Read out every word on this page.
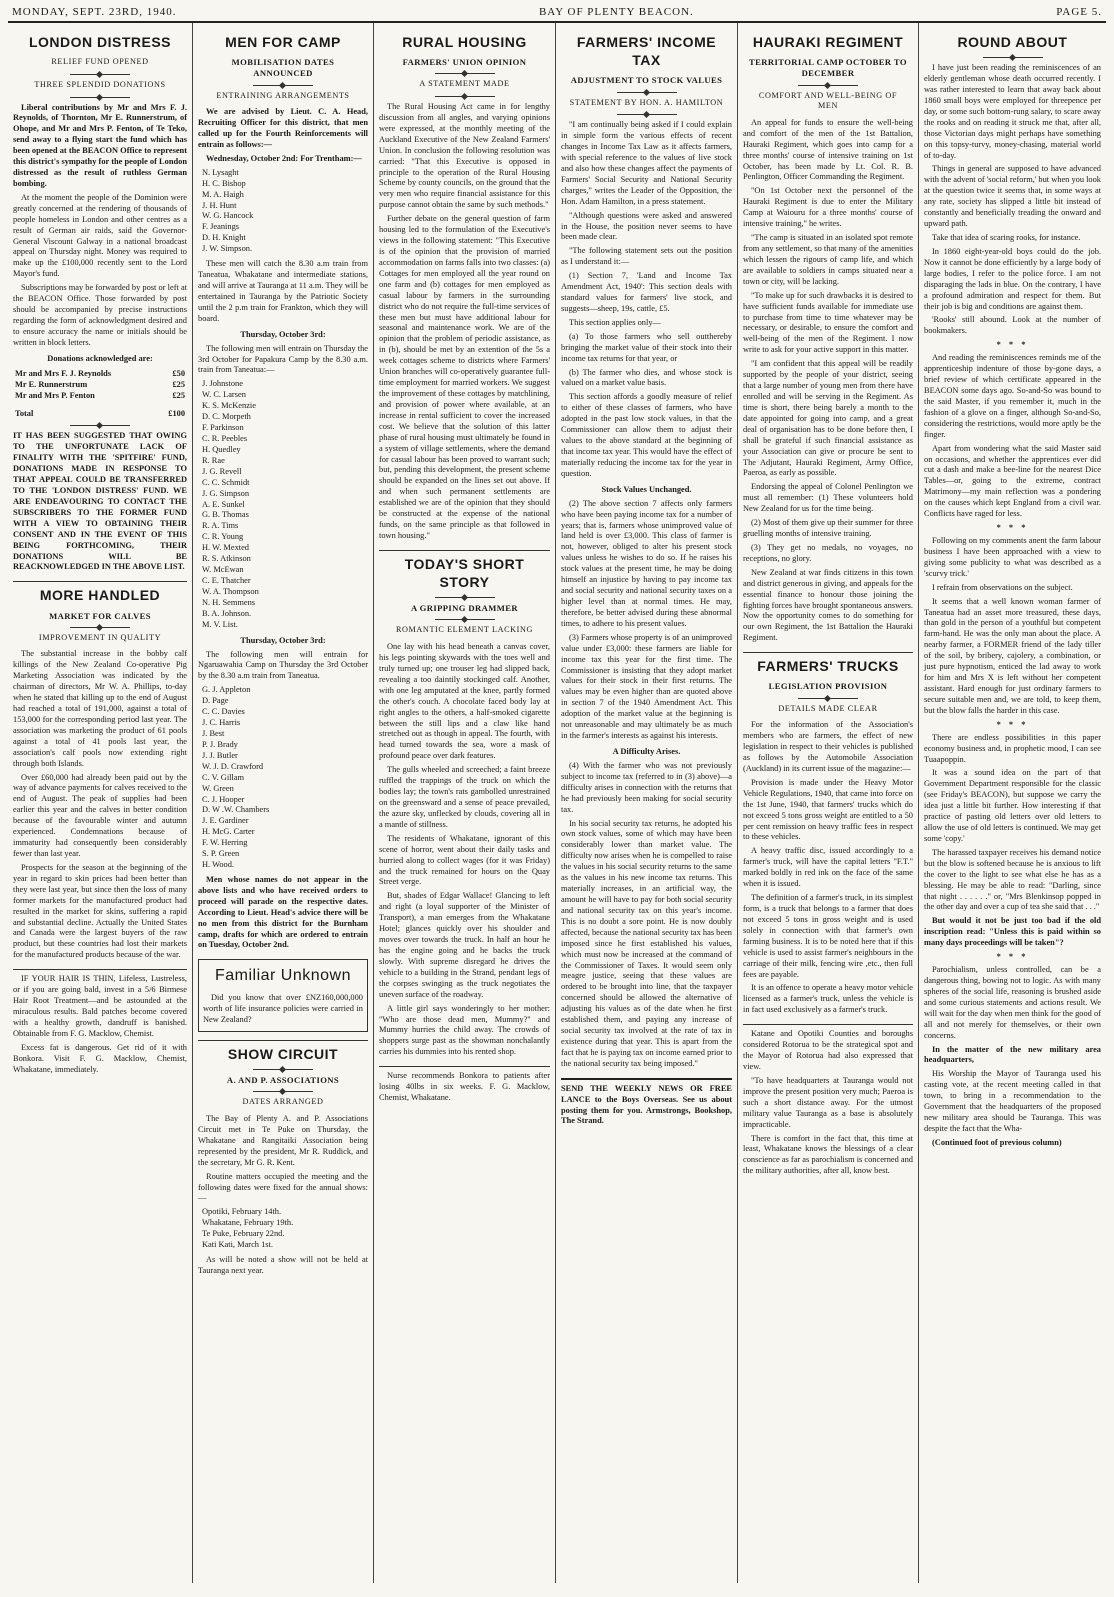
MONDAY, SEPT. 23RD, 1940.	BAY OF PLENTY BEACON.	PAGE 5.
LONDON DISTRESS
RELIEF FUND OPENED
THREE SPLENDID DONATIONS

Liberal contributions by Mr and Mrs F. J. Reynolds, of Thornton, Mr E. Runnerstrum, of Ohope, and Mr and Mrs P. Fenton, of Te Teko, send away to a flying start the fund which has been opened at the BEACON Office to represent this district's sympathy for the people of London distressed as the result of ruthless German bombing.

At the moment the people of the Dominion were greatly concerned at the rendering of thousands of people homeless in London and other centres as a result of German air raids, said the Governor-General Viscount Galway in a national broadcast appeal on Thursday night. Money was required to make up the £100,000 recently sent to the Lord Mayor's fund.

Subscriptions may be forwarded by post or left at the BEACON Office. Those forwarded by post should be accompanied by precise instructions regarding the form of acknowledgment desired and to ensure accuracy the name or initials should be written in block letters.

Donations acknowledged are:
Mr and Mrs F. J. Reynolds	£50
Mr E. Runnerstrum	£25
Mr and Mrs P. Fenton	£25
Total	£100

IT HAS BEEN SUGGESTED THAT OWING TO THE UNFORTUNATE LACK OF FINALITY WITH THE 'SPITFIRE' FUND, DONATIONS MADE IN RESPONSE TO THAT APPEAL COULD BE TRANSFERRED TO THE 'LONDON DISTRESS' FUND. WE ARE ENDEAVOURING TO CONTACT THE SUBSCRIBERS TO THE FORMER FUND WITH A VIEW TO OBTAINING THEIR CONSENT AND IN THE EVENT OF THIS BEING FORTHCOMING, THEIR DONATIONS WILL BE REACKNOWLEDGED IN THE ABOVE LIST.

MORE HANDLED
MARKET FOR CALVES
IMPROVEMENT IN QUALITY

The substantial increase in the bobby calf killings of the New Zealand Co-operative Pig Marketing Association was indicated by the chairman of directors, Mr W. A. Phillips, to-day when he stated that killing up to the end of August had reached a total of 191,000, against a total of 153,000 for the corresponding period last year. The association was marketing the product of 61 pools against a total of 41 pools last year, the association's calf pools now extending right through both Islands.

Over £60,000 had already been paid out by the way of advance payments for calves received to the end of August. The peak of supplies had been earlier this year and the calves in better condition because of the favourable winter and autumn experienced. Condemnations because of immaturity had consequently been considerably fewer than last year.

Prospects for the season at the beginning of the year in regard to skin prices had been better than they were last year, but since then the loss of many former markets for the manufactured product had resulted in the market for skins, suffering a rapid and substantial decline. Actually the United States and Canada were the largest buyers of the raw product, but these countries had lost their markets for the manufactured products because of the war.

IF YOUR HAIR IS THIN, Lifeless, Lustreless, or if you are going bald, invest in a 5/6 Birmese Hair Root Treatment—and be astounded at the miraculous results. Bald patches become covered with a healthy growth, dandruff is banished. Obtainable from F. G. Macklow, Chemist.

Excess fat is dangerous. Get rid of it with Bonkora. Visit F. G. Macklow, Chemist, Whakatane, immediately.

MEN FOR CAMP
MOBILISATION DATES ANNOUNCED
ENTRAINING ARRANGEMENTS

We are advised by Lieut. C. A. Head, Recruiting Officer for this district, that men called up for the Fourth Reinforcements will entrain as follows:—

Wednesday, October 2nd: For Trentham:—

N. Lysaght
H. C. Bishop
M. A. Haigh
J. H. Hunt
W. G. Hancock
F. Jeanings
D. H. Knight
J. W. Simpson.

These men will catch the 8.30 a.m train from Taneatua, Whakatane and intermediate stations, and will arrive at Tauranga at 11 a.m. They will be entertained in Tauranga by the Patriotic Society until the 2 p.m train for Frankton, which they will board.

Thursday, October 3rd:

The following men will entrain on Thursday the 3rd October for Papakura Camp by the 8.30 a.m. train from Taneatua:—

J. Johnstone
W. C. Larsen
K. S. McKenzie
D. C. Morpeth
F. Parkinson
C. R. Peebles
H. Quedley
R. Rae
J. G. Revell
C. C. Schmidt
J. G. Simpson
A. E. Sunkel
G. B. Thomas
R. A. Tims
C. R. Young
H. W. Mexted
R. S. Atkinson
W. McEwan
C. E. Thatcher
W. A. Thompson
N. H. Semmens
B. A. Johnson.
M. V. List.
Thursday, October 3rd:

The following men will entrain for Ngaruawahia Camp on Thursday the 3rd October by the 8.30 a.m train from Taneatua.

G. J. Appleton
D. Page
C. C. Davies
J. C. Harris
J. Best
P. J. Brady
J. J. Butler
W. J. D. Crawford
C. V. Gillam
W. Green
C. J. Hooper
D. W .W. Chambers
J. E. Gardiner
H. McG. Carter
F. W. Herring
S. P. Green
H. Wood.

Men whose names do not appear in the above lists and who have received orders to proceed will parade on the respective dates. According to Lieut. Head's advice there will be no men from this district for the Burnham camp, drafts for which are ordered to entrain on Tuesday, October 2nd.

Familiar Unknown

Did you know that over £NZ160,000,000 worth of life insurance policies were carried in New Zealand?

SHOW CIRCUIT
A. AND P. ASSOCIATIONS
DATES ARRANGED

The Bay of Plenty A. and P. Associations Circuit met in Te Puke on Thursday, the Whakatane and Rangitaiki Association being represented by the president, Mr R. Ruddick, and the secretary, Mr G. R. Kent.

Routine matters occupied the meeting and the following dates were fixed for the annual shows:—

Opotiki, February 14th.
Whakatane, February 19th.
Te Puke, February 22nd.
Kati Kati, March 1st.

As will be noted a show will not be held at Tauranga next year.

RURAL HOUSING
FARMERS' UNION OPINION
A STATEMENT MADE

The Rural Housing Act came in for lengthy discussion from all angles, and varying opinions were expressed, at the monthly meeting of the Auckland Executive of the New Zealand Farmers' Union. In conclusion the following resolution was carried: "That this Executive is opposed in principle to the operation of the Rural Housing Scheme by county councils, on the ground that the very men who require financial assistance for this purpose cannot obtain the same by such methods."

Further debate on the general question of farm housing led to the formulation of the Executive's views in the following statement: "This Executive is of the opinion that the provision of married accommodation on farms falls into two classes: (a) Cottages for men employed all the year round on one farm and (b) cottages for men employed as casual labour by farmers in the surrounding district who do not require the full-time services of these men but must have additional labour for seasonal and maintenance work. We are of the opinion that the problem of periodic assistance, as in (b), should be met by an extention of the 5s a week cottages scheme to districts where Farmers' Union branches will co-operatively guarantee full-time employment for married workers. We suggest the improvement of these cottages by matchlining, and provision of power where available, at an increase in rental sufficient to cover the increased cost. We believe that the solution of this latter phase of rural housing must ultimately be found in a system of village settlements, where the demand for casual labour has been proved to warrant such; but, pending this development, the present scheme should be expanded on the lines set out above. If and when such permanent settlements are established we are of the opinion that they should be constructed at the expense of the national funds, on the same principle as that followed in town housing."

TODAY'S SHORT STORY
A GRIPPING DRAMMER
ROMANTIC ELEMENT LACKING

One lay with his head beneath a canvas cover, his legs pointing skywards with the toes well and truly turned up; one trouser leg had slipped back, revealing a too daintily stockinged calf. Another, with one leg amputated at the knee, partly formed the other's couch. A chocolate faced body lay at right angles to the others, a half-smoked cigarette between the still lips and a claw like hand stretched out as though in appeal. The fourth, with head turned towards the sea, wore a mask of profound peace over dark features.

The gulls wheeled and screeched; a faint breeze ruffled the trappings of the truck on which the bodies lay; the town's rats gambolled unrestrained on the greensward and a sense of peace prevailed, the azure sky, unflecked by clouds, covering all in a mantle of stillness.

The residents of Whakatane, ignorant of this scene of horror, went about their daily tasks and hurried along to collect wages (for it was Friday) and the truck remained for hours on the Quay Street verge.

But, shades of Edgar Wallace! Glancing to left and right (a loyal supporter of the Minister of Transport), a man emerges from the Whakatane Hotel; glances quickly over his shoulder and moves over towards the truck. In half an hour he has the engine going and he backs the truck slowly. With supreme disregard he drives the vehicle to a building in the Strand, pendant legs of the corpses swinging as the truck negotiates the uneven surface of the roadway.

A little girl says wonderingly to her mother: "Who are those dead men, Mummy?" and Mummy hurries the child away. The crowds of shoppers surge past as the showman nonchalantly carries his dummies into his rented shop.

Nurse recommends Bonkora to patients after losing 40lbs in six weeks. F. G. Macklow, Chemist, Whakatane.

FARMERS' INCOME TAX
ADJUSTMENT TO STOCK VALUES
STATEMENT BY HON. A. HAMILTON

"I am continually being asked if I could explain in simple form the various effects of recent changes in Income Tax Law as it affects farmers, with special reference to the values of live stock and also how these changes affect the payments of Farmers' Social Security and National Security charges," writes the Leader of the Opposition, the Hon. Adam Hamilton, in a press statement.

"Although questions were asked and answered in the House, the position never seems to have been made clear.

"The following statement sets out the position as I understand it:—

(1) Section 7, 'Land and Income Tax Amendment Act, 1940': This section deals with standard values for farmers' live stock, and suggests—sheep, 19s, cattle, £5.

This section applies only—

(a) To those farmers who sell outthereby bringing the market value of their stock into their income tax returns for that year, or

(b) The farmer who dies, and whose stock is valued on a market value basis.

This section affords a goodly measure of relief to either of these classes of farmers, who have adopted in the past low stock values, in that the Commissioner can allow them to adjust their values to the above standard at the beginning of that income tax year. This would have the effect of materially reducing the income tax for the year in question.

Stock Values Unchanged.

(2) The above section 7 affects only farmers who have been paying income tax for a number of years; that is, farmers whose unimproved value of land held is over £3,000. This class of farmer is not, however, obliged to alter his present stock values unless he wishes to do so. If he raises his stock values at the present time, he may be doing himself an injustice by having to pay income tax and social security and national security taxes on a higher level than at normal times. He may, therefore, be better advised during these abnormal times, to adhere to his present values.

(3) Farmers whose property is of an unimproved value under £3,000: these farmers are liable for income tax this year for the first time. The Commissioner is insisting that they adopt market values for their stock in their first returns. The values may be even higher than are quoted above in section 7 of the 1940 Amendment Act. This adoption of the market value at the beginning is not unreasonable and may ultimately be as much in the farmer's interests as against his interests.

A Difficulty Arises.

(4) With the farmer who was not previously subject to income tax (referred to in (3) above)—a difficulty arises in connection with the returns that he had previously been making for social security tax.

In his social security tax returns, he adopted his own stock values, some of which may have been considerably lower than market value. The difficulty now arises when he is compelled to raise the values in his social security returns to the same as the values in his new income tax returns. This materially increases, in an artificial way, the amount he will have to pay for both social security and national security tax on this year's income. This is no doubt a sore point. He is now doubly affected, because the national security tax has been imposed since he first established his values, which must now be increased at the command of the Commissioner of Taxes. It would seem only meagre justice, seeing that these values are ordered to be brought into line, that the taxpayer concerned should be allowed the alternative of adjusting his values as of the date when he first established them, and paying any increase of social security tax involved at the rate of tax in existence during that year. This is apart from the fact that he is paying tax on income earned prior to the national security tax being imposed."

SEND THE WEEKLY NEWS OR FREE LANCE to the Boys Overseas. See us about posting them for you. Armstrongs, Bookshop, The Strand.
HAURAKI REGIMENT
TERRITORIAL CAMP OCTOBER TO DECEMBER
COMFORT AND WELL-BEING OF MEN

An appeal for funds to ensure the well-being and comfort of the men of the 1st Battalion, Hauraki Regiment, which goes into camp for a three months' course of intensive training on 1st October, has been made by Lt. Col. R. B. Penlington, Officer Commanding the Regiment.

"On 1st October next the personnel of the Hauraki Regiment is due to enter the Military Camp at Waiouru for a three months' course of intensive training," he writes.

"The camp is situated in an isolated spot remote from any settlement, so that many of the amenities which lessen the rigours of camp life, and which are available to soldiers in camps situated near a town or city, will be lacking.

"To make up for such drawbacks it is desired to have sufficient funds available for immediate use to purchase from time to time whatever may be necessary, or desirable, to ensure the comfort and well-being of the men of the Regiment. I now write to ask for your active support in this matter.

"I am confident that this appeal will be readily supported by the people of your district, seeing that a large number of young men from there have enrolled and will be serving in the Regiment. As time is short, there being barely a month to the date appointed for going into camp, and a great deal of organisation has to be done before then, I shall be grateful if such financial assistance as your Association can give or procure be sent to The Adjutant, Hauraki Regiment, Army Office, Paeroa, as early as possible.

Endorsing the appeal of Colonel Penlington we must all remember: (1) These volunteers hold New Zealand for us for the time being.

(2) Most of them give up their summer for three gruelling months of intensive training.

(3) They get no medals, no voyages, no receptions, no glory.

New Zealand at war finds citizens in this town and district generous in giving, and appeals for the essential finance to honour those joining the fighting forces have brought spontaneous answers. Now the opportunity comes to do something for our own Regiment, the 1st Battalion the Hauraki Regiment.

FARMERS' TRUCKS
LEGISLATION PROVISION
DETAILS MADE CLEAR

For the information of the Association's members who are farmers, the effect of new legislation in respect to their vehicles is published as follows by the Automobile Association (Auckland) in its current issue of the magazine:—

Provision is made under the Heavy Motor Vehicle Regulations, 1940, that came into force on the 1st June, 1940, that farmers' trucks which do not exceed 5 tons gross weight are entitled to a 50 per cent remission on heavy traffic fees in respect to these vehicles.

A heavy traffic disc, issued accordingly to a farmer's truck, will have the capital letters "F.T." marked boldly in red ink on the face of the same when it is issued.

The definition of a farmer's truck, in its simplest form, is a truck that belongs to a farmer that does not exceed 5 tons in gross weight and is used solely in connection with that farmer's own farming business. It is to be noted here that if this vehicle is used to assist farmer's neighbours in the carriage of their milk, fencing wire ,etc., then full fees are payable.

It is an offence to operate a heavy motor vehicle licensed as a farmer's truck, unless the vehicle is in fact used exclusively as a farmer's truck.

Katane and Opotiki Counties and boroughs considered Rotorua to be the strategical spot and the Mayor of Rotorua had also expressed that view.

"To have headquarters at Tauranga would not improve the present position very much; Paeroa is such a short distance away. For the utmost military value Tauranga as a base is absolutely impracticable.

There is comfort in the fact that, this time at least, Whakatane knows the blessings of a clear conscience as far as parochialism is concerned and the military authorities, after all, know best.

ROUND ABOUT

I have just been reading the reminiscences of an elderly gentleman whose death occurred recently. I was rather interested to learn that away back about 1860 small boys were employed for threepence per day, or some such bottom-rung salary, to scare away the rooks and on reading it struck me that, after all, those Victorian days might perhaps have something on this topsy-turvy, money-chasing, material world of to-day.

Things in general are supposed to have advanced with the advent of 'social reform,' but when you look at the question twice it seems that, in some ways at any rate, society has slipped a little bit instead of constantly and beneficially treading the onward and upward path.

Take that idea of scaring rooks, for instance.

In 1860 eight-year-old boys could do the job. Now it cannot be done efficiently by a large body of large bodies, I refer to the police force. I am not disparaging the lads in blue. On the contrary, I have a profound admiration and respect for them. But their job is big and conditions are against them.

'Rooks' still abound. Look at the number of bookmakers.

* * *

And reading the reminiscences reminds me of the apprenticeship indenture of those by-gone days, a brief review of which certificate appeared in the BEACON some days ago. So-and-So was bound to the said Master, if you remember it, much in the fashion of a glove on a finger, although So-and-So, considering the restrictions, would more aptly be the finger.

Apart from wondering what the said Master said on occasions, and whether the apprentices ever did cut a dash and make a bee-line for the nearest Dice Tables—or, going to the extreme, contract Matrimony—my main reflection was a pondering on the causes which kept England from a civil war. Conflicts have raged for less.

* * *

Following on my comments anent the farm labour business I have been approached with a view to giving some publicity to what was described as a 'scurvy trick.'

I refrain from observations on the subject.

It seems that a well known woman farmer of Taneatua had an asset more treasured, these days, than gold in the person of a youthful but competent farm-hand. He was the only man about the place. A nearby farmer, a FORMER friend of the lady tiller of the soil, by bribery, cajolery, a combination, or just pure hypnotism, enticed the lad away to work for him and Mrs X is left without her competent assistant. Hard enough for just ordinary farmers to secure suitable men and, we are told, to keep them, but the blow falls the harder in this case.

* * *

There are endless possibilities in this paper economy business and, in prophetic mood, I can see Tuaapoppin.

It was a sound idea on the part of that Government Department responsible for the classic (see Friday's BEACON), but suppose we carry the idea just a little bit further. How interesting if that practice of pasting old letters over old letters to allow the use of old letters is continued. We may get some 'copy.'

The harassed taxpayer receives his demand notice but the blow is softened because he is anxious to lift the cover to the light to see what else he has as a blessing. He may be able to read: "Darling, since that night . . . . . ." or, "Mrs Blenkinsop popped in the other day and over a cup of tea she said that . . ."

But would it not be just too bad if the old inscription read: "Unless this is paid within so many days proceedings will be taken"?

* * *

Parochialism, unless controlled, can be a dangerous thing, bowing not to logic. As with many spheres of the social life, reasoning is brushed aside and some curious statements and actions result. We will wait for the day when men think for the good of all and not merely for themselves, or their own concerns.

In the matter of the new military area headquarters,

His Worship the Mayor of Tauranga used his casting vote, at the recent meeting called in that town, to bring in a recommendation to the Government that the headquarters of the proposed new military area should be Tauranga. This was despite the fact that the Wha-

(Continued foot of previous column)
